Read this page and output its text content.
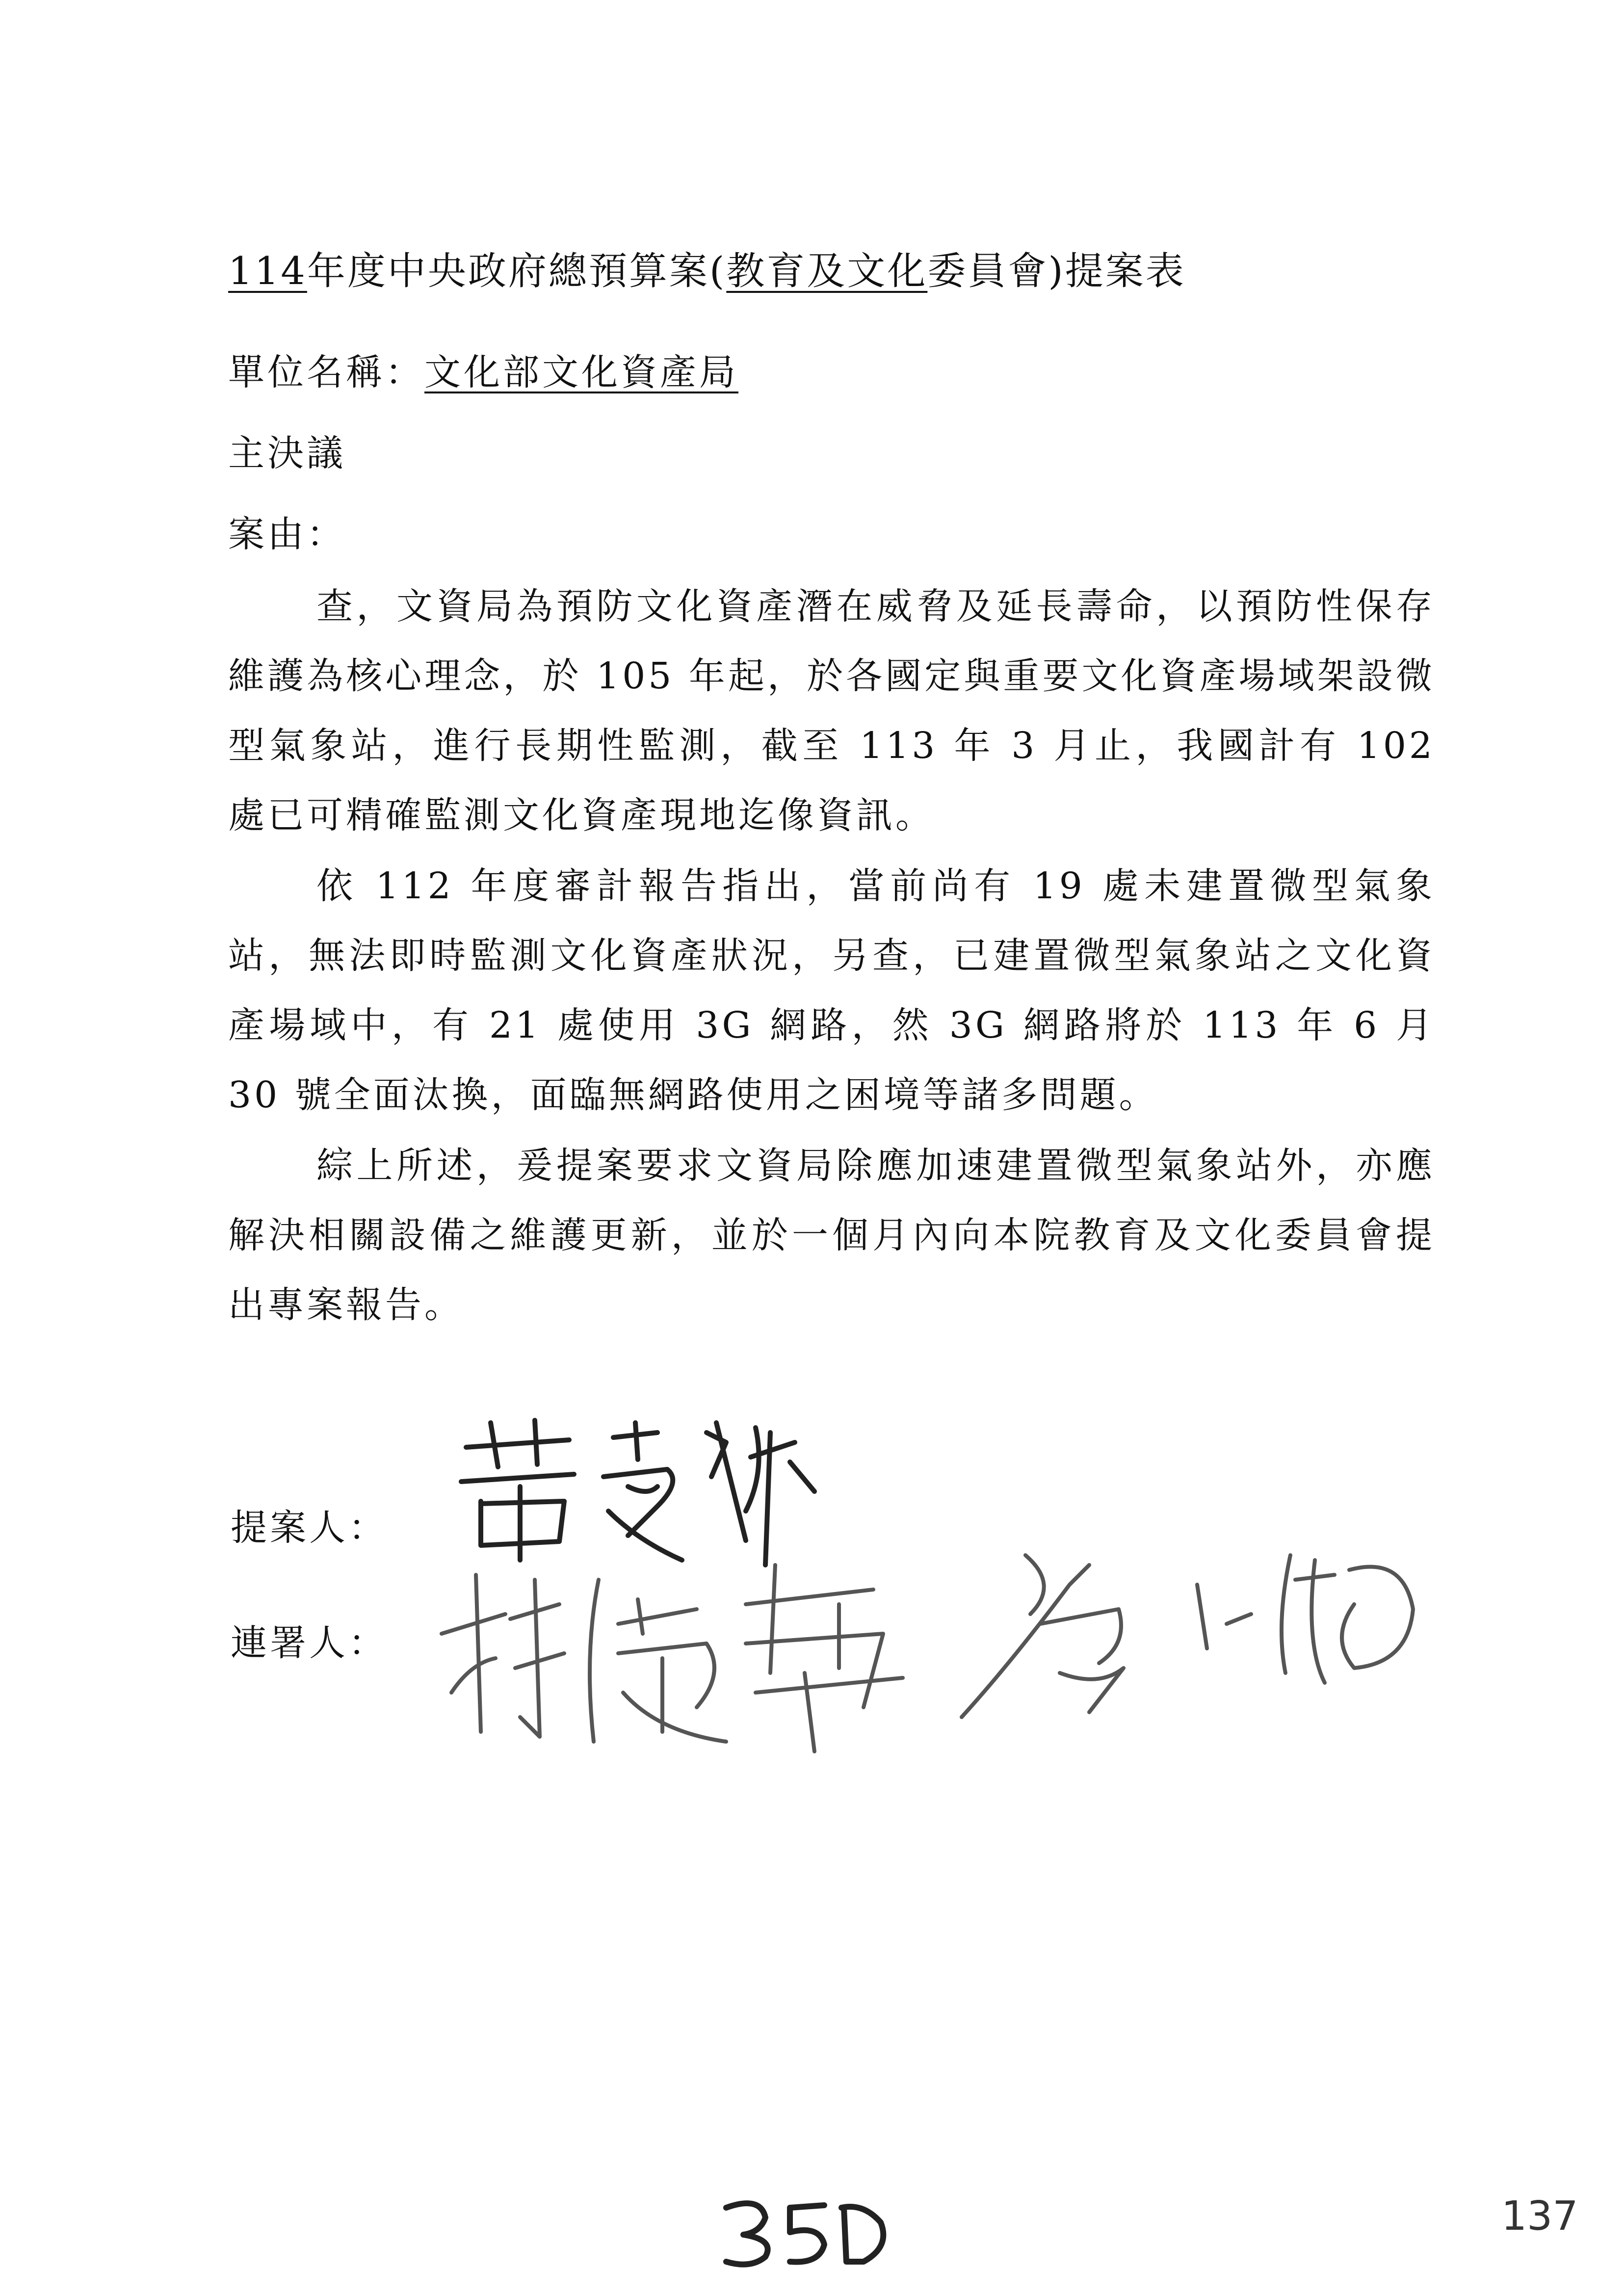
114年度中央政府總預算案(教育及文化委員會)提案表
單位名稱：文化部文化資產局
主決議
案由：
查，文資局為預防文化資產潛在威脅及延長壽命，以預防性保存維護為核心理念，於 105 年起，於各國定與重要文化資產場域架設微型氣象站，進行長期性監測，截至 113 年 3 月止，我國計有 102 處已可精確監測文化資產現地迄像資訊。
依 112 年度審計報告指出，當前尚有 19 處未建置微型氣象站，無法即時監測文化資產狀況，另查，已建置微型氣象站之文化資產場域中，有 21 處使用 3G 網路，然 3G 網路將於 113 年 6 月 30 號全面汰換，面臨無網路使用之困境等諸多問題。
綜上所述，爰提案要求文資局除應加速建置微型氣象站外，亦應解決相關設備之維護更新，並於一個月內向本院教育及文化委員會提出專案報告。
提案人：
連署人：
137
